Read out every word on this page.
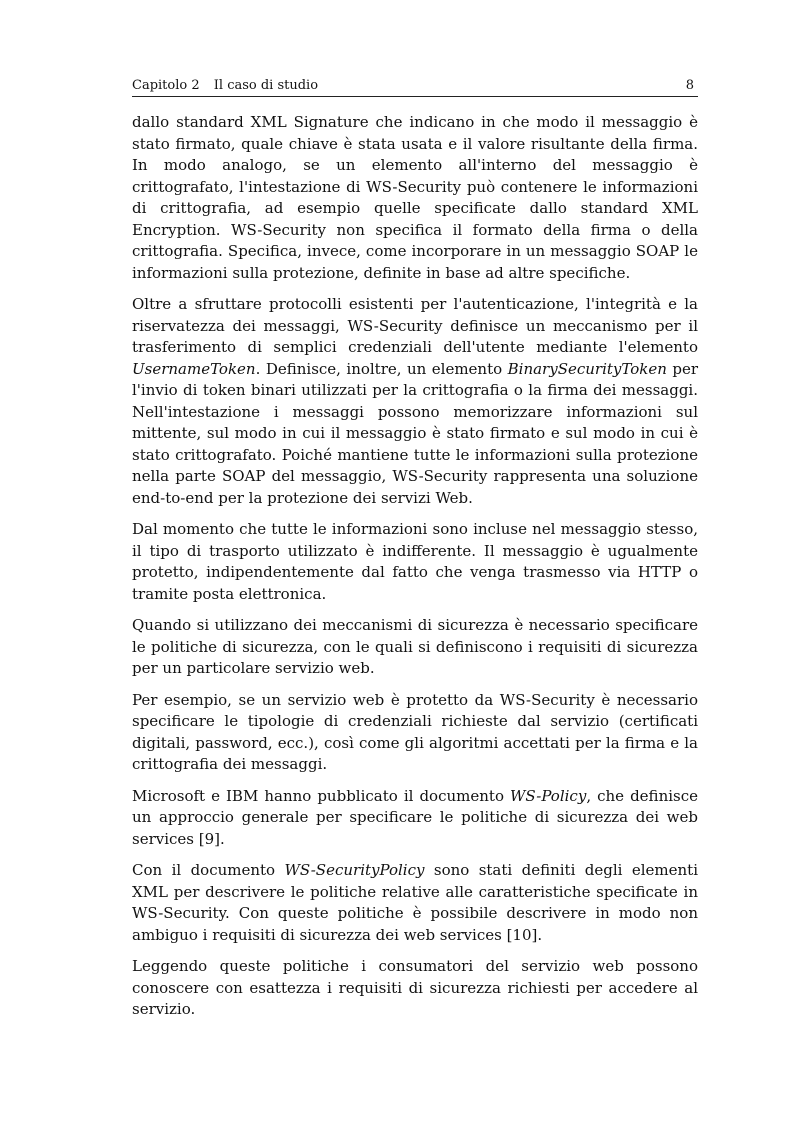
Capitolo 2 Il caso di studio	8

dallo standard XML Signature che indicano in che modo il messaggio è stato firmato, quale chiave è stata usata e il valore risultante della firma. In modo analogo, se un elemento all'interno del messaggio è crittografato, l'intestazione di WS-Security può contenere le informazioni di crittografia, ad esempio quelle specificate dallo standard XML Encryption. WS-Security non specifica il formato della firma o della crittografia. Specifica, invece, come incorporare in un messaggio SOAP le informazioni sulla protezione, definite in base ad altre specifiche.

Oltre a sfruttare protocolli esistenti per l'autenticazione, l'integrità e la riservatezza dei messaggi, WS-Security definisce un meccanismo per il trasferimento di semplici credenziali dell'utente mediante l'elemento UsernameToken. Definisce, inoltre, un elemento BinarySecurityToken per l'invio di token binari utilizzati per la crittografia o la firma dei messaggi. Nell'intestazione i messaggi possono memorizzare informazioni sul mittente, sul modo in cui il messaggio è stato firmato e sul modo in cui è stato crittografato. Poiché mantiene tutte le informazioni sulla protezione nella parte SOAP del messaggio, WS-Security rappresenta una soluzione end-to-end per la protezione dei servizi Web.

Dal momento che tutte le informazioni sono incluse nel messaggio stesso, il tipo di trasporto utilizzato è indifferente. Il messaggio è ugualmente protetto, indipendentemente dal fatto che venga trasmesso via HTTP o tramite posta elettronica.

Quando si utilizzano dei meccanismi di sicurezza è necessario specificare le politiche di sicurezza, con le quali si definiscono i requisiti di sicurezza per un particolare servizio web.

Per esempio, se un servizio web è protetto da WS-Security è necessario specificare le tipologie di credenziali richieste dal servizio (certificati digitali, password, ecc.), così come gli algoritmi accettati per la firma e la crittografia dei messaggi.

Microsoft e IBM hanno pubblicato il documento WS-Policy, che definisce un approccio generale per specificare le politiche di sicurezza dei web services [9].

Con il documento WS-SecurityPolicy sono stati definiti degli elementi XML per descrivere le politiche relative alle caratteristiche specificate in WS-Security. Con queste politiche è possibile descrivere in modo non ambiguo i requisiti di sicurezza dei web services [10].

Leggendo queste politiche i consumatori del servizio web possono conoscere con esattezza i requisiti di sicurezza richiesti per accedere al servizio.
